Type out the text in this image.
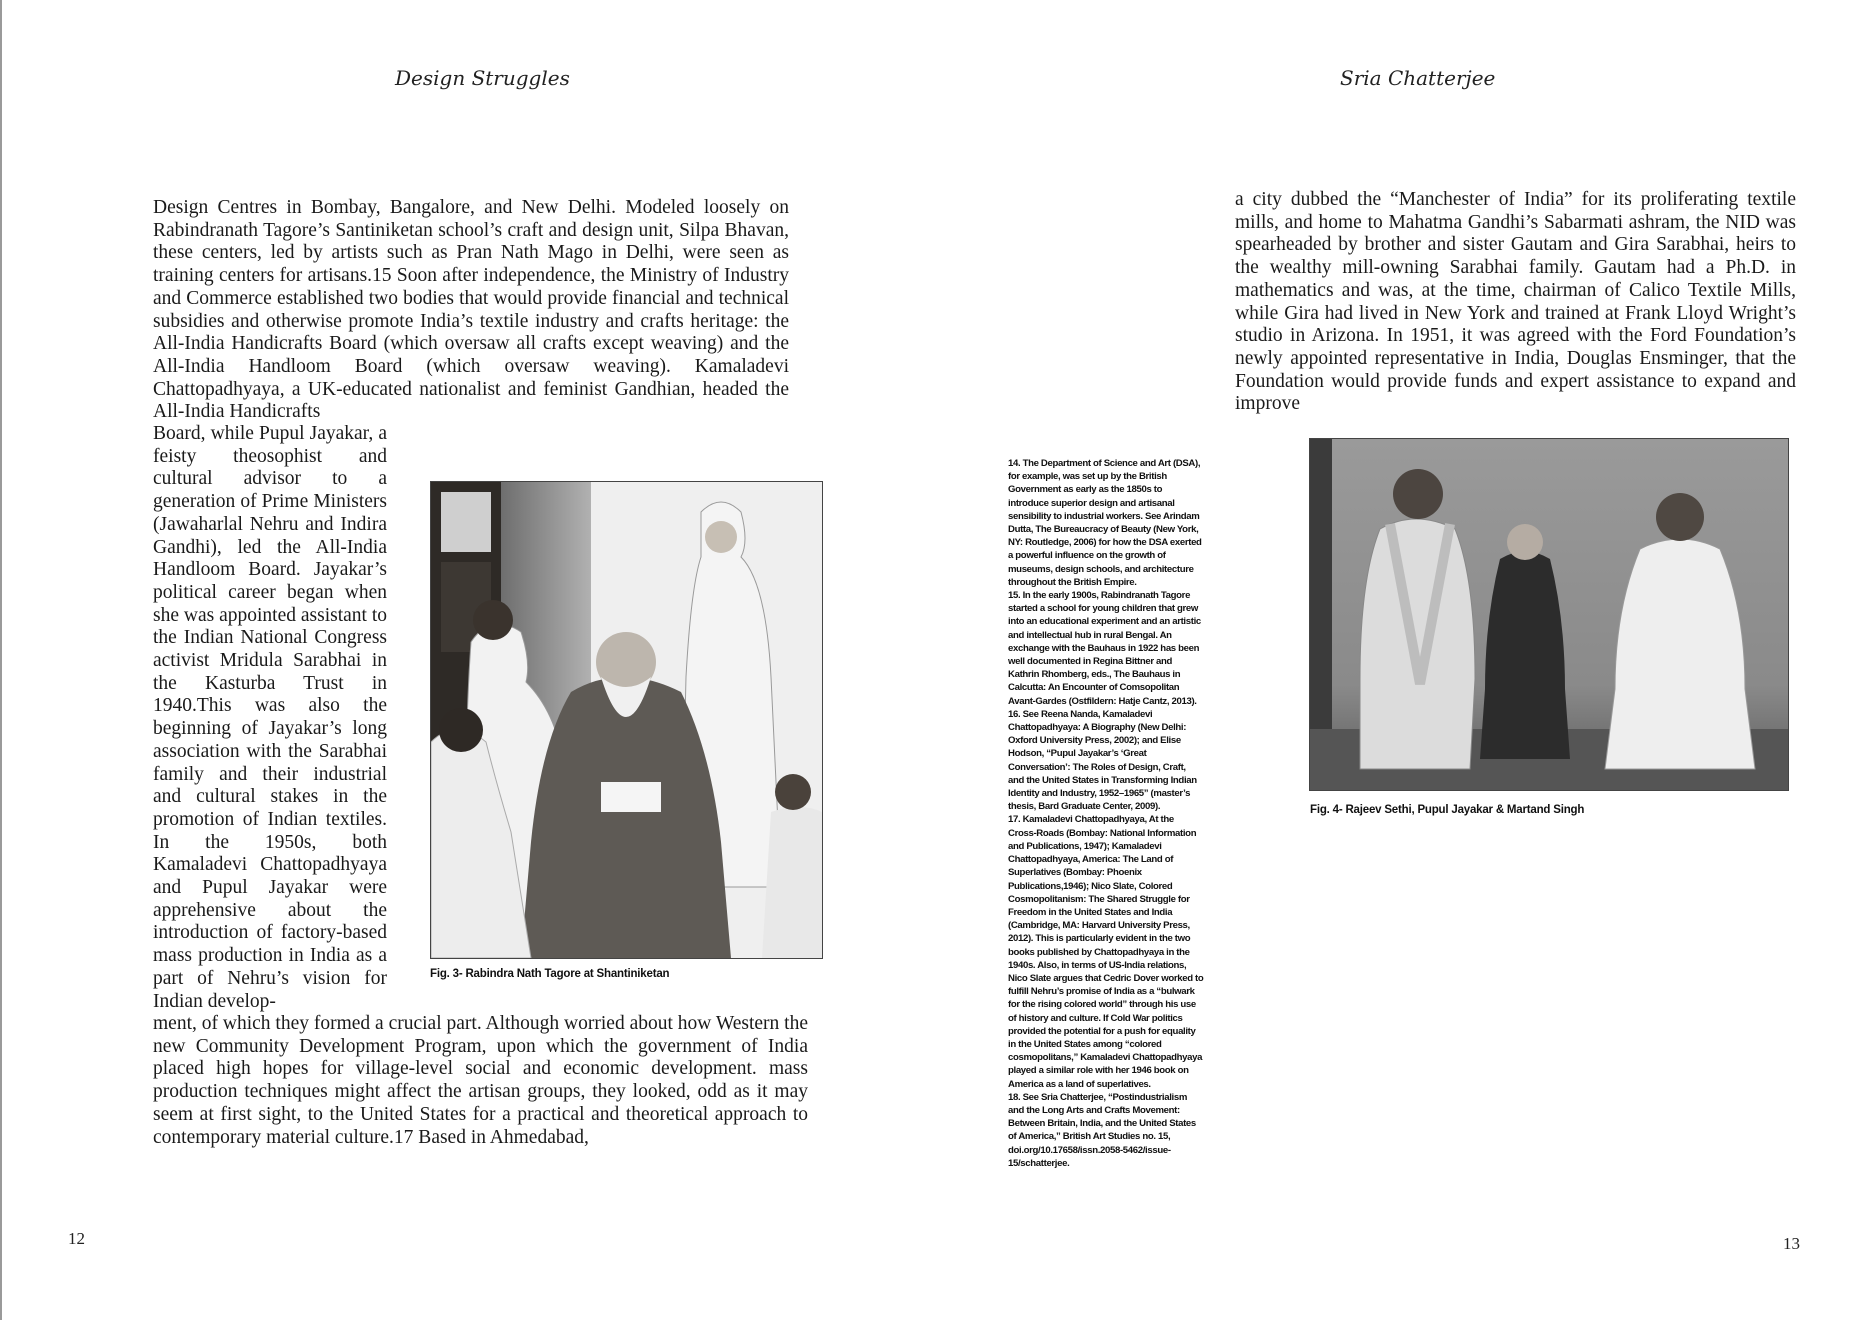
Design Struggles	Sria Chatterjee
Design Centres in Bombay, Bangalore, and New Delhi. Modeled loosely on Rabindranath Tagore’s Santiniketan school’s craft and design unit, Silpa Bhavan, these centers, led by artists such as Pran Nath Mago in Delhi, were seen as training centers for artisans.15 Soon after independence, the Ministry of Industry and Commerce established two bodies that would provide financial and technical subsidies and otherwise promote India’s textile industry and crafts heritage: the All-India Handicrafts Board (which oversaw all crafts except weaving) and the All-India Handloom Board (which oversaw weaving). Kamaladevi Chattopadhyaya, a UK-educated nationalist and feminist Gandhian, headed the All-India Handicrafts
Board, while Pupul Jayakar, a feisty theosophist and cultural advisor to a generation of Prime Ministers (Jawaharlal Nehru and Indira Gandhi), led the All-India Handloom Board. Jayakar’s political career began when she was appointed assistant to the Indian National Congress activist Mridula Sarabhai in the Kasturba Trust in 1940.This was also the beginning of Jayakar’s long association with the Sarabhai family and their industrial and cultural stakes in the promotion of Indian textiles. In the 1950s, both Kamaladevi Chattopadhyaya and Pupul Jayakar were apprehensive about the introduction of factory-based mass production in India as a part of Nehru’s vision for Indian develop-
ment, of which they formed a crucial part. Although worried about how Western the new Community Development Program, upon which the government of India placed high hopes for village-level social and economic development. mass production techniques might affect the artisan groups, they looked, odd as it may seem at first sight, to the United States for a practical and theoretical approach to contemporary material culture.17 Based in Ahmedabad,
Fig. 3- Rabindra Nath Tagore at Shantiniketan

14. The Department of Science and Art (DSA), for example, was set up by the British Government as early as the 1850s to introduce superior design and artisanal sensibility to industrial workers. See Arindam Dutta, The Bureaucracy of Beauty (New York, NY: Routledge, 2006) for how the DSA exerted a powerful influence on the growth of museums, design schools, and architecture throughout the British Empire.

15. In the early 1900s, Rabindranath Tagore started a school for young children that grew into an educational experiment and an artistic and intellectual hub in rural Bengal. An exchange with the Bauhaus in 1922 has been well documented in Regina Bittner and Kathrin Rhomberg, eds., The Bauhaus in Calcutta: An Encounter of Comsopolitan Avant-Gardes (Ostfildern: Hatje Cantz, 2013).

16. See Reena Nanda, Kamaladevi Chattopadhyaya: A Biography (New Delhi: Oxford University Press, 2002); and Elise Hodson, “Pupul Jayakar’s ‘Great Conversation’: The Roles of Design, Craft, and the United States in Transforming Indian Identity and Industry, 1952–1965” (master’s thesis, Bard Graduate Center, 2009).

17. Kamaladevi Chattopadhyaya, At the Cross-Roads (Bombay: National Information and Publications, 1947); Kamaladevi Chattopadhyaya, America: The Land of Superlatives (Bombay: Phoenix Publications,1946); Nico Slate, Colored Cosmopolitanism: The Shared Struggle for Freedom in the United States and India (Cambridge, MA: Harvard University Press, 2012). This is particularly evident in the two books published by Chattopadhyaya in the 1940s. Also, in terms of US-India relations, Nico Slate argues that Cedric Dover worked to fulfill Nehru’s promise of India as a “bulwark for the rising colored world” through his use of history and culture. If Cold War politics provided the potential for a push for equality in the United States among “colored cosmopolitans,” Kamaladevi Chattopadhyaya played a similar role with her 1946 book on America as a land of superlatives.

18. See Sria Chatterjee, “Postindustrialism and the Long Arts and Crafts Movement: Between Britain, India, and the United States of America,” British Art Studies no. 15, doi.org/10.17658/issn.2058-5462/issue-15/schatterjee.

a city dubbed the “Manchester of India” for its proliferating textile mills, and home to Mahatma Gandhi’s Sabarmati ashram, the NID was spearheaded by brother and sister Gautam and Gira Sarabhai, heirs to the wealthy mill-owning Sarabhai family. Gautam had a Ph.D. in mathematics and was, at the time, chairman of Calico Textile Mills, while Gira had lived in New York and trained at Frank Lloyd Wright’s studio in Arizona. In 1951, it was agreed with the Ford Foundation’s newly appointed representative in India, Douglas Ensminger, that the Foundation would provide funds and expert assistance to expand and improve
Fig. 4- Rajeev Sethi, Pupul Jayakar & Martand Singh
12	13
